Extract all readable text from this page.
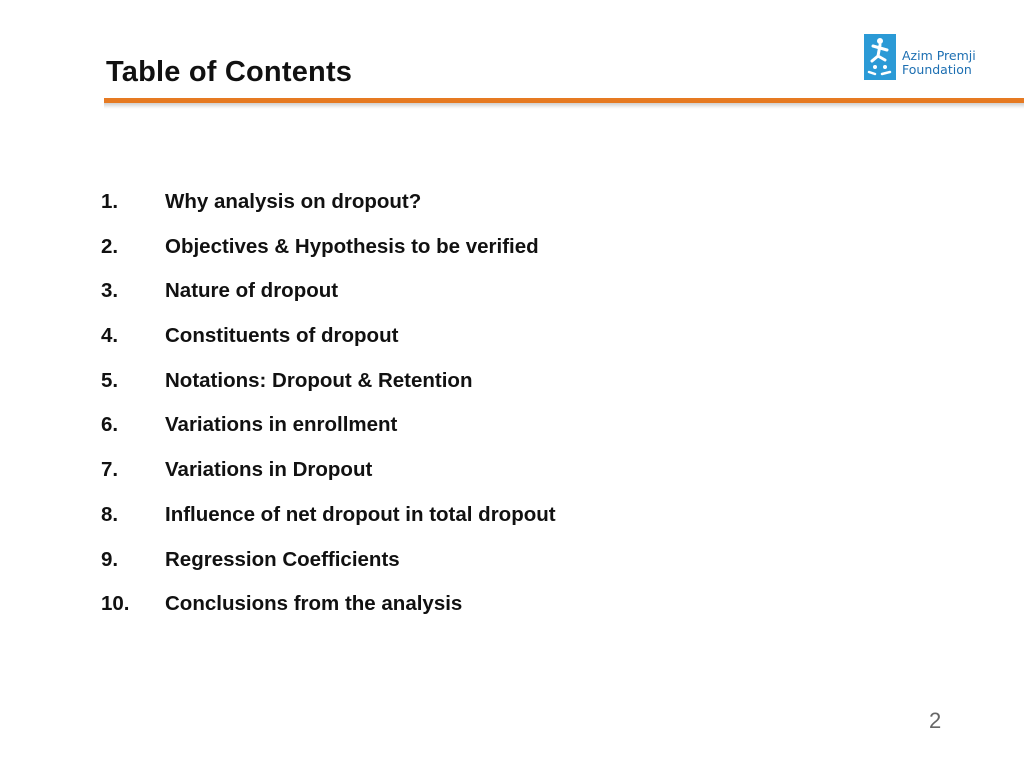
Table of Contents
Azim Premji
Foundation
1.	Why analysis on dropout?
2.	Objectives & Hypothesis to be verified
3.	Nature of dropout
4.	Constituents of dropout
5.	Notations: Dropout & Retention
6.	Variations in enrollment
7.	Variations in Dropout
8.	Influence of net dropout in total dropout
9.	Regression Coefficients
10.	Conclusions from the analysis
2
